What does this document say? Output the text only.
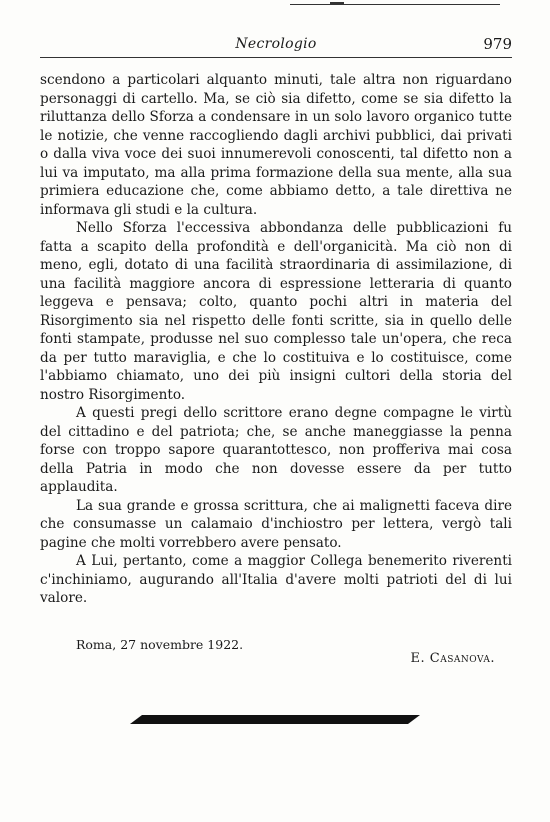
Necrologio	979

scendono a particolari alquanto minuti, tale altra non riguardano personaggi di cartello. Ma, se ciò sia difetto, come se sia difetto la riluttanza dello Sforza a condensare in un solo lavoro organico tutte le notizie, che venne raccogliendo dagli archivi pubblici, dai privati o dalla viva voce dei suoi innumerevoli conoscenti, tal difetto non a lui va imputato, ma alla prima formazione della sua mente, alla sua primiera educazione che, come abbiamo detto, a tale direttiva ne informava gli studi e la cultura.

Nello Sforza l'eccessiva abbondanza delle pubblicazioni fu fatta a scapito della profondità e dell'organicità. Ma ciò non di meno, egli, dotato di una facilità straordinaria di assimilazione, di una facilità maggiore ancora di espressione letteraria di quanto leggeva e pensava; colto, quanto pochi altri in materia del Risorgimento sia nel rispetto delle fonti scritte, sia in quello delle fonti stampate, produsse nel suo complesso tale un'opera, che reca da per tutto maraviglia, e che lo costituiva e lo costituisce, come l'abbiamo chiamato, uno dei più insigni cultori della storia del nostro Risorgimento.

A questi pregi dello scrittore erano degne compagne le virtù del cittadino e del patriota; che, se anche maneggiasse la penna forse con troppo sapore quarantottesco, non profferiva mai cosa della Patria in modo che non dovesse essere da per tutto applaudita.

La sua grande e grossa scrittura, che ai malignetti faceva dire che consumasse un calamaio d'inchiostro per lettera, vergò tali pagine che molti vorrebbero avere pensato.

A Lui, pertanto, come a maggior Collega benemerito riverenti c'inchiniamo, augurando all'Italia d'avere molti patrioti del di lui valore.

Roma, 27 novembre 1922.
E. Casanova.
